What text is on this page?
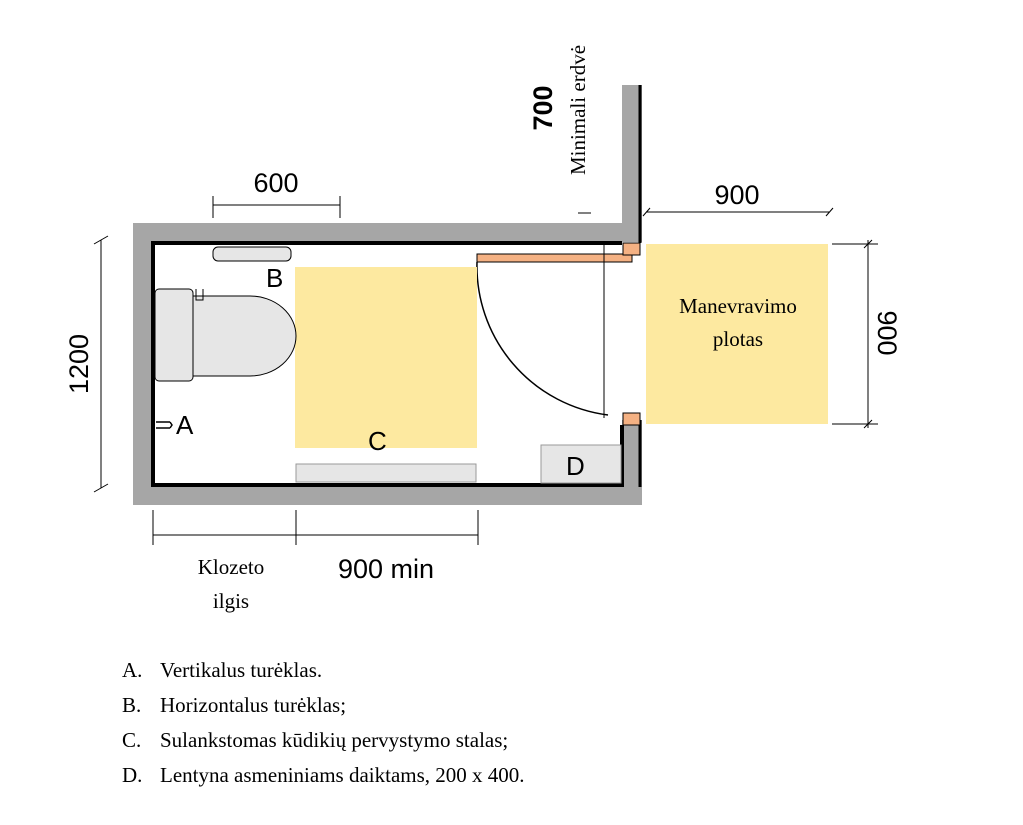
600
1200
700 Minimali erdvė
900
900
900 min
Klozeto
ilgis
Manevravimo
plotas
A
B
C
D
A. Vertikalus turėklas.
B. Horizontalus turėklas;
C. Sulankstomas kūdikių pervystymo stalas;
D. Lentyna asmeniniams daiktams, 200 x 400.
